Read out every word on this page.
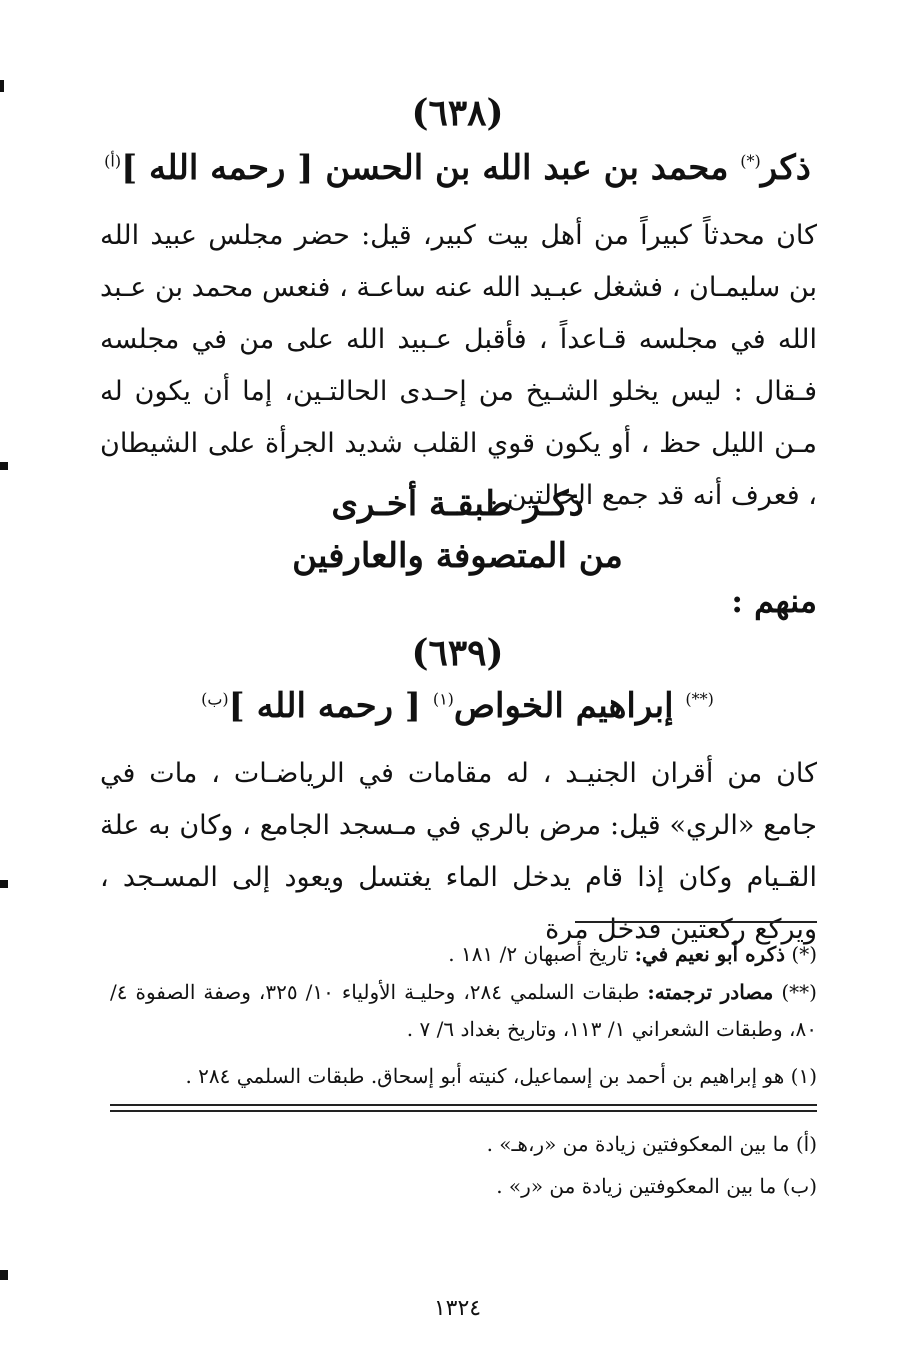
(٦٣٨)
ذكر(*) محمد بن عبد الله بن الحسن [ رحمه الله ]$^{(أ)}$
كان محدثاً كبيراً من أهل بيت كبير، قيل: حضر مجلس عبيد الله بن سليمـان ، فشغل عبـيد الله عنه ساعـة ، فنعس محمد بن عـبد الله في مجلسه قـاعداً ، فأقبل عـبيد الله على من في مجلسه فـقال : ليس يخلو الشـيخ من إحـدى الحالتـين، إما أن يكون له مـن الليل حظ ، أو يكون قوي القلب شديد الجرأة على الشيطان ، فعرف أنه قد جمع الحالتين .
ذكـر طبقـة أخـرى
من المتصوفة والعارفين
منهم :
(٦٣٩)
(**) إبراهيم الخواص$^{(١)}$ [ رحمه الله ]$^{(ب)}$
كان من أقران الجنيـد ، له مقامات في الرياضـات ، مات في جامع «الري» قيل: مرض بالري في مـسجد الجامع ، وكان به علة القـيام وكان إذا قام يدخل الماء يغتسل ويعود إلى المسـجد ، ويركع ركعتين فدخل مرة
(*) ذكره أبو نعيم في: تاريخ أصبهان ٢/ ١٨١ .
(**) مصادر ترجمته: طبقات السلمي ٢٨٤، وحليـة الأولياء ١٠/ ٣٢٥، وصفة الصفوة ٤/ ٨٠، وطبقات الشعراني ١/ ١١٣، وتاريخ بغداد ٦/ ٧ .
(١) هو إبراهيم بن أحمد بن إسماعيل، كنيته أبو إسحاق. طبقات السلمي ٢٨٤ .
(أ) ما بين المعكوفتين زيادة من «ر،هـ» .
(ب) ما بين المعكوفتين زيادة من «ر» .
١٣٢٤
